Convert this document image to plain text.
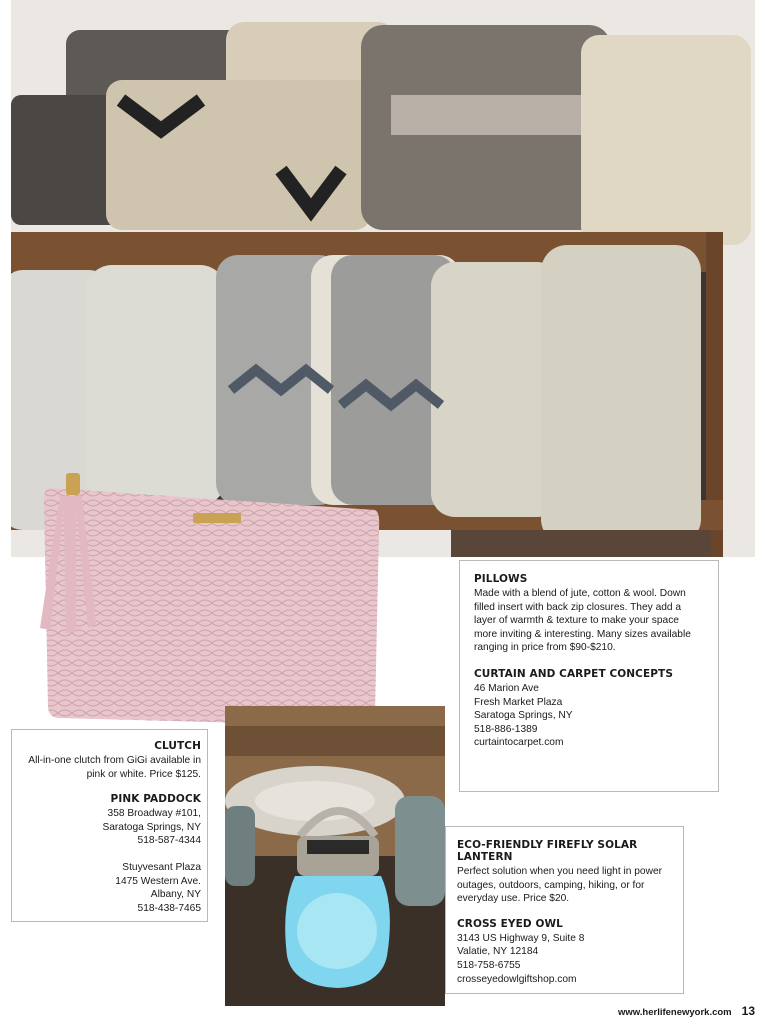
PILLOWS

Made with a blend of jute, cotton & wool. Down filled insert with back zip closures. They add a layer of warmth & texture to make your space more inviting & interesting. Many sizes available ranging in price from $90-$210.

CURTAIN AND CARPET CONCEPTS

46 Marion Ave

Fresh Market Plaza

Saratoga Springs, NY

518-886-1389

curtaintocarpet.com

CLUTCH

All-in-one clutch from GiGi available in pink or white. Price $125.

PINK PADDOCK

358 Broadway #101,

Saratoga Springs, NY

518-587-4344

Stuyvesant Plaza

1475 Western Ave.

Albany, NY

518-438-7465

ECO-FRIENDLY FIREFLY SOLAR LANTERN

Perfect solution when you need light in power outages, outdoors, camping, hiking, or for everyday use. Price $20.

CROSS EYED OWL

3143 US Highway 9, Suite 8

Valatie, NY 12184

518-758-6755

crosseyedowlgiftshop.com

www.herlifenewyork.com 13
